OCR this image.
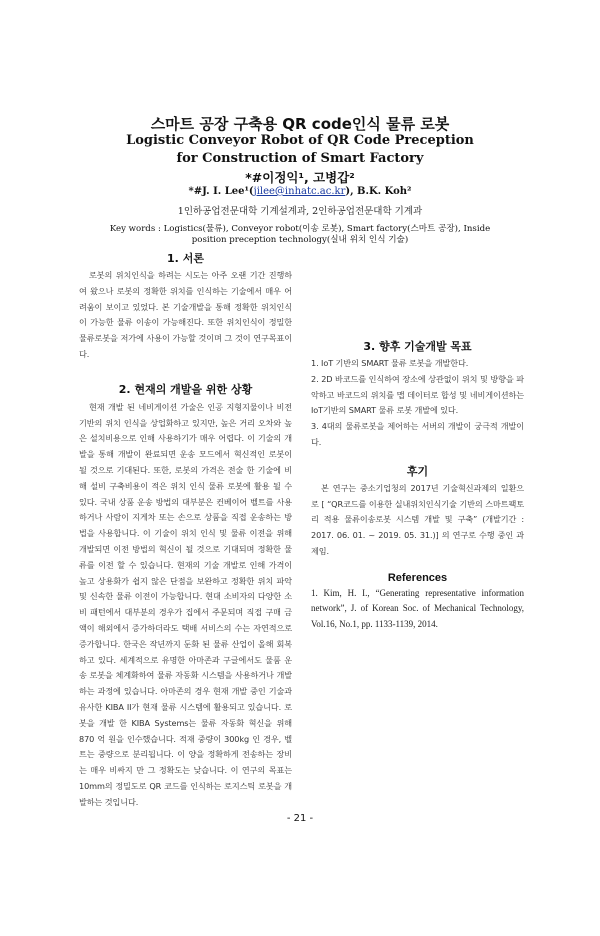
스마트 공장 구축용 QR code인식 물류 로봇
Logistic Conveyor Robot of QR Code Preception
for Construction of Smart Factory
*#이정익¹, 고병갑²
*#J. I. Lee¹(jilee@inhatc.ac.kr), B.K. Koh²
1인하공업전문대학 기계설계과, 2인하공업전문대학 기계과
Key words : Logistics(물류), Conveyor robot(이송 로봇), Smart factory(스마트 공장), Inside position preception technology(실내 위치 인식 기술)
1. 서론

로봇의 위치인식을 하려는 시도는 아주 오랜 기간 진행하여 왔으나 로봇의 정확한 위치를 인식하는 기술에서 매우 어려움이 보이고 있었다. 본 기술개발을 통해 정확한 위치인식이 가능한 물류 이송이 가능해진다. 또한 위치인식이 정밀한 물류로봇을 저가에 사용이 가능할 것이며 그 것이 연구목표이다.

2. 현재의 개발을 위한 상황

현재 개발 된 네비게이션 가술은 인공 지형지물이나 비전 기반의 위치 인식을 상업화하고 있지만, 높은 거리 오차와 높은 설치비용으로 인해 사용하기가 매우 어렵다. 이 기술의 개발을 통해 개발이 완료되면 운송 모드에서 혁신적인 로봇이 될 것으로 기대된다. 또한, 로봇의 가격은 전술 한 기술에 비해 설비 구축비용이 적은 위치 인식 물류 로봇에 활용 될 수 있다. 국내 상품 운송 방법의 대부분은 컨베이어 벨트를 사용하거나 사람이 지게차 또는 손으로 상품을 직접 운송하는 방법을 사용합니다. 이 기술이 위치 인식 및 물류 이전을 위해 개발되면 이전 방법의 혁신이 될 것으로 기대되며 정확한 물류를 이전 할 수 있습니다. 현재의 기술 개발로 인해 가격이 높고 상용화가 쉽지 않은 단점을 보완하고 정확한 위치 파악 및 신속한 물류 이전이 가능합니다. 현대 소비자의 다양한 소비 패턴에서 대부분의 경우가 집에서 주문되며 직접 구매 금액이 해외에서 증가하더라도 택배 서비스의 수는 자연적으로 증가합니다. 한국은 작년까지 둔화 된 물류 산업이 올해 회복하고 있다. 세계적으로 유명한 아마존과 구글에서도 물품 운송 로봇을 체계화하여 물류 자동화 시스템을 사용하거나 개발하는 과정에 있습니다. 아마존의 경우 현재 개발 중인 기술과 유사한 KIBA II가 현재 물류 시스템에 활용되고 있습니다. 로봇을 개발 한 KIBA Systems는 물류 자동화 혁신을 위해 870 억 원을 인수했습니다. 적재 중량이 300kg 인 경우, 벨트는 중량으로 분리됩니다. 이 양을 정확하게 전송하는 장비는 매우 비싸지 만 그 정확도는 낮습니다. 이 연구의 목표는 10mm의 정밀도로 QR 코드를 인식하는 로지스틱 로봇을 개발하는 것입니다.

3. 향후 기술개발 목표

1. IoT 기반의 SMART 물류 로봇을 개발한다.

2. 2D 바코드를 인식하여 장소에 상관없이 위치 및 방향을 파악하고 바코드의 위치를 맵 데이터로 합성 및 네비게이션하는 IoT기반의 SMART 물류 로봇 개발에 있다.

3. 4대의 물류로봇을 제어하는 서버의 개발이 궁극적 개발이다.

후기

본 연구는 중소기업청의 2017년 기술혁신과제의 일환으로 [ “QR코드를 이용한 실내위치인식기술 기반의 스마트팩토리 적용 물류이송로봇 시스템 개발 및 구축” (개발기간 : 2017. 06. 01. ~ 2019. 05. 31.)] 의 연구로 수행 중인 과제임.

References

1. Kim, H. I., “Generating representative information network”, J. of Korean Soc. of Mechanical Technology, Vol.16, No.1, pp. 1133-1139, 2014.

- 21 -
